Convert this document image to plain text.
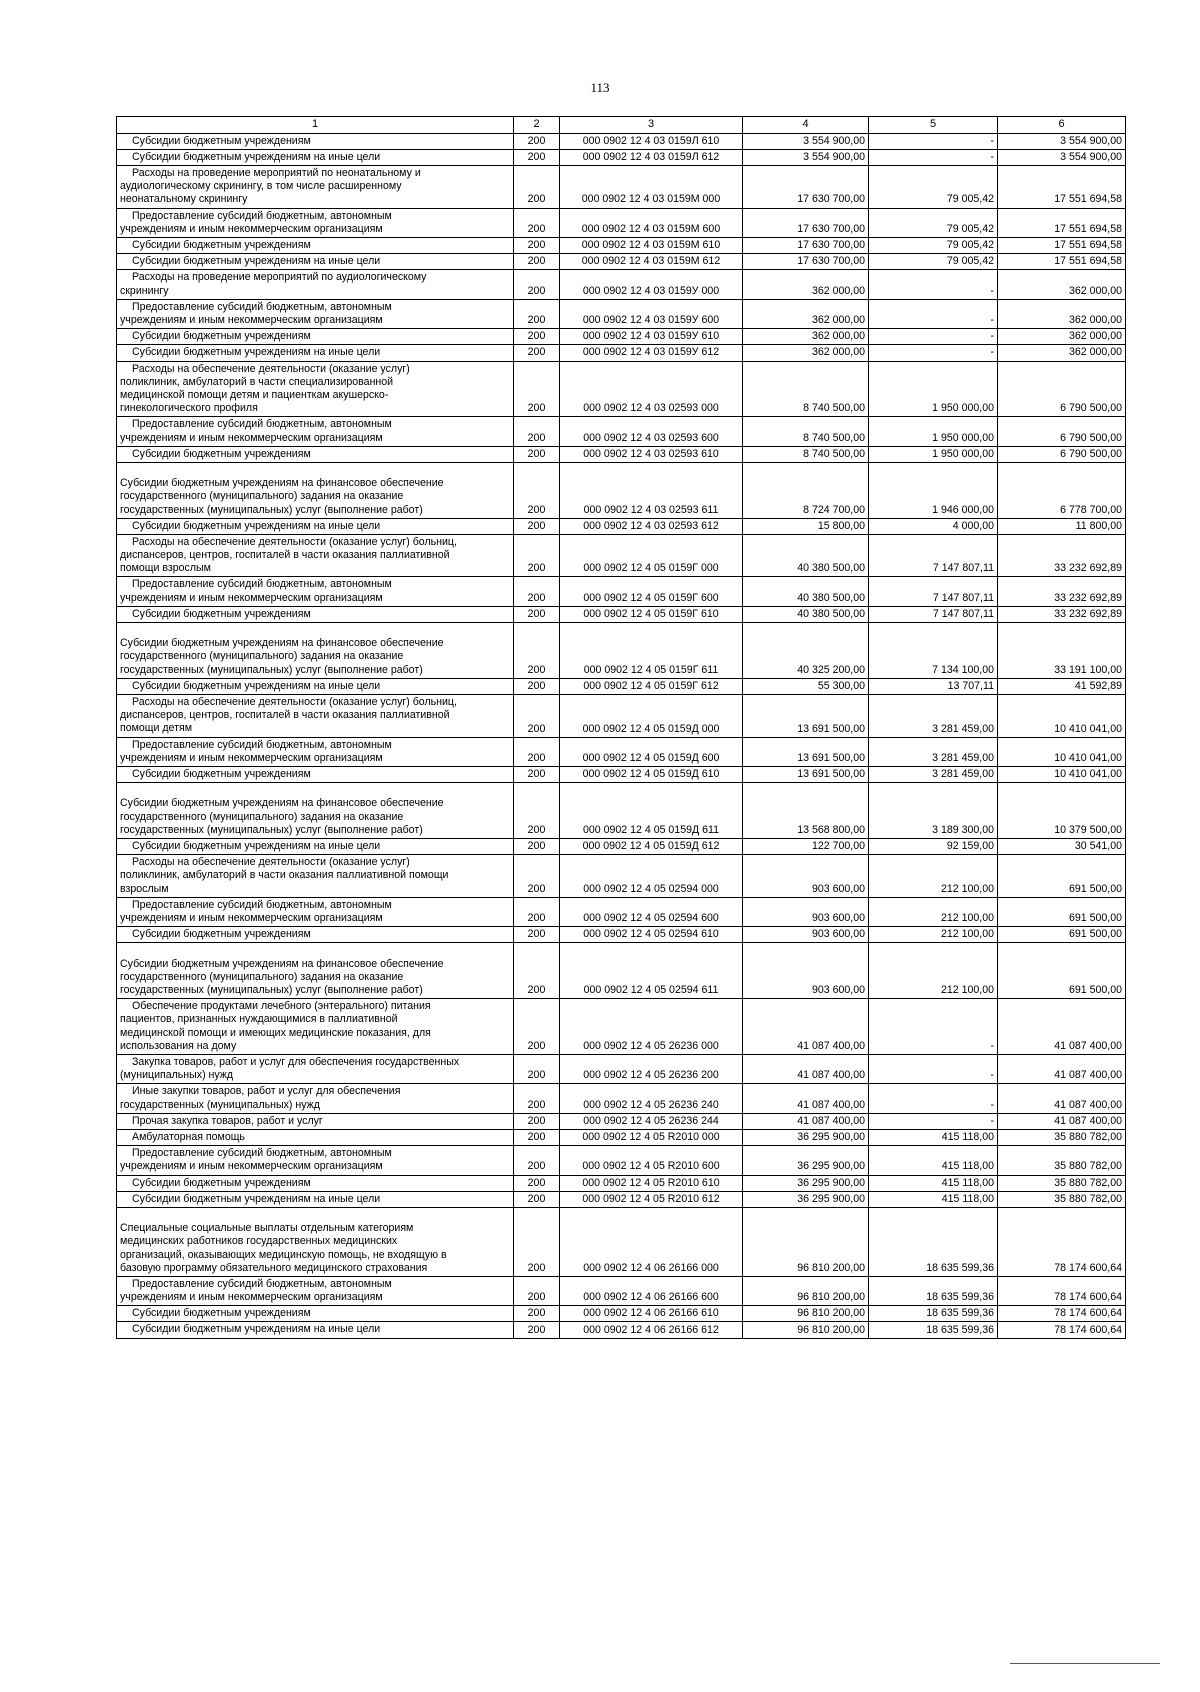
113
1	2	3	4	5	6

Субсидии бюджетным учреждениям	200	000 0902 12 4 03 0159Л 610	3 554 900,00	-	3 554 900,00

Субсидии бюджетным учреждениям на иные цели	200	000 0902 12 4 03 0159Л 612	3 554 900,00	-	3 554 900,00

Расходы на проведение мероприятий по неонатальному и
аудиологическому скринингу, в том числе расширенному
неонатальному скринингу	200	000 0902 12 4 03 0159М 000	17 630 700,00	79 005,42	17 551 694,58

Предоставление субсидий бюджетным, автономным
учреждениям и иным некоммерческим организациям	200	000 0902 12 4 03 0159М 600	17 630 700,00	79 005,42	17 551 694,58

Субсидии бюджетным учреждениям	200	000 0902 12 4 03 0159М 610	17 630 700,00	79 005,42	17 551 694,58

Субсидии бюджетным учреждениям на иные цели	200	000 0902 12 4 03 0159М 612	17 630 700,00	79 005,42	17 551 694,58

Расходы на проведение мероприятий по аудиологическому
скринингу	200	000 0902 12 4 03 0159У 000	362 000,00	-	362 000,00

Предоставление субсидий бюджетным, автономным
учреждениям и иным некоммерческим организациям	200	000 0902 12 4 03 0159У 600	362 000,00	-	362 000,00

Субсидии бюджетным учреждениям	200	000 0902 12 4 03 0159У 610	362 000,00	-	362 000,00

Субсидии бюджетным учреждениям на иные цели	200	000 0902 12 4 03 0159У 612	362 000,00	-	362 000,00

Расходы на обеспечение деятельности (оказание услуг)
поликлиник, амбулаторий в части специализированной
медицинской помощи детям и пациенткам акушерско-
гинекологического профиля	200	000 0902 12 4 03 02593 000	8 740 500,00	1 950 000,00	6 790 500,00

Предоставление субсидий бюджетным, автономным
учреждениям и иным некоммерческим организациям	200	000 0902 12 4 03 02593 600	8 740 500,00	1 950 000,00	6 790 500,00

Субсидии бюджетным учреждениям	200	000 0902 12 4 03 02593 610	8 740 500,00	1 950 000,00	6 790 500,00

Субсидии бюджетным учреждениям на финансовое обеспечение
государственного (муниципального) задания на оказание
государственных (муниципальных) услуг (выполнение работ)	200	000 0902 12 4 03 02593 611	8 724 700,00	1 946 000,00	6 778 700,00

Субсидии бюджетным учреждениям на иные цели	200	000 0902 12 4 03 02593 612	15 800,00	4 000,00	11 800,00

Расходы на обеспечение деятельности (оказание услуг) больниц,
диспансеров, центров, госпиталей в части оказания паллиативной
помощи взрослым	200	000 0902 12 4 05 0159Г 000	40 380 500,00	7 147 807,11	33 232 692,89

Предоставление субсидий бюджетным, автономным
учреждениям и иным некоммерческим организациям	200	000 0902 12 4 05 0159Г 600	40 380 500,00	7 147 807,11	33 232 692,89

Субсидии бюджетным учреждениям	200	000 0902 12 4 05 0159Г 610	40 380 500,00	7 147 807,11	33 232 692,89

Субсидии бюджетным учреждениям на финансовое обеспечение
государственного (муниципального) задания на оказание
государственных (муниципальных) услуг (выполнение работ)	200	000 0902 12 4 05 0159Г 611	40 325 200,00	7 134 100,00	33 191 100,00

Субсидии бюджетным учреждениям на иные цели	200	000 0902 12 4 05 0159Г 612	55 300,00	13 707,11	41 592,89

Расходы на обеспечение деятельности (оказание услуг) больниц,
диспансеров, центров, госпиталей в части оказания паллиативной
помощи детям	200	000 0902 12 4 05 0159Д 000	13 691 500,00	3 281 459,00	10 410 041,00

Предоставление субсидий бюджетным, автономным
учреждениям и иным некоммерческим организациям	200	000 0902 12 4 05 0159Д 600	13 691 500,00	3 281 459,00	10 410 041,00

Субсидии бюджетным учреждениям	200	000 0902 12 4 05 0159Д 610	13 691 500,00	3 281 459,00	10 410 041,00

Субсидии бюджетным учреждениям на финансовое обеспечение
государственного (муниципального) задания на оказание
государственных (муниципальных) услуг (выполнение работ)	200	000 0902 12 4 05 0159Д 611	13 568 800,00	3 189 300,00	10 379 500,00

Субсидии бюджетным учреждениям на иные цели	200	000 0902 12 4 05 0159Д 612	122 700,00	92 159,00	30 541,00

Расходы на обеспечение деятельности (оказание услуг)
поликлиник, амбулаторий в части оказания паллиативной помощи
взрослым	200	000 0902 12 4 05 02594 000	903 600,00	212 100,00	691 500,00

Предоставление субсидий бюджетным, автономным
учреждениям и иным некоммерческим организациям	200	000 0902 12 4 05 02594 600	903 600,00	212 100,00	691 500,00

Субсидии бюджетным учреждениям	200	000 0902 12 4 05 02594 610	903 600,00	212 100,00	691 500,00

Субсидии бюджетным учреждениям на финансовое обеспечение
государственного (муниципального) задания на оказание
государственных (муниципальных) услуг (выполнение работ)	200	000 0902 12 4 05 02594 611	903 600,00	212 100,00	691 500,00

Обеспечение продуктами лечебного (энтерального) питания
пациентов, признанных нуждающимися в паллиативной
медицинской помощи и имеющих медицинские показания, для
использования на дому	200	000 0902 12 4 05 26236 000	41 087 400,00	-	41 087 400,00

Закупка товаров, работ и услуг для обеспечения государственных
(муниципальных) нужд	200	000 0902 12 4 05 26236 200	41 087 400,00	-	41 087 400,00

Иные закупки товаров, работ и услуг для обеспечения
государственных (муниципальных) нужд	200	000 0902 12 4 05 26236 240	41 087 400,00	-	41 087 400,00

Прочая закупка товаров, работ и услуг	200	000 0902 12 4 05 26236 244	41 087 400,00	-	41 087 400,00

Амбулаторная помощь	200	000 0902 12 4 05 R2010 000	36 295 900,00	415 118,00	35 880 782,00

Предоставление субсидий бюджетным, автономным
учреждениям и иным некоммерческим организациям	200	000 0902 12 4 05 R2010 600	36 295 900,00	415 118,00	35 880 782,00

Субсидии бюджетным учреждениям	200	000 0902 12 4 05 R2010 610	36 295 900,00	415 118,00	35 880 782,00

Субсидии бюджетным учреждениям на иные цели	200	000 0902 12 4 05 R2010 612	36 295 900,00	415 118,00	35 880 782,00

Специальные социальные выплаты отдельным категориям
медицинских работников государственных медицинских
организаций, оказывающих медицинскую помощь, не входящую в
базовую программу обязательного медицинского страхования	200	000 0902 12 4 06 26166 000	96 810 200,00	18 635 599,36	78 174 600,64

Предоставление субсидий бюджетным, автономным
учреждениям и иным некоммерческим организациям	200	000 0902 12 4 06 26166 600	96 810 200,00	18 635 599,36	78 174 600,64

Субсидии бюджетным учреждениям	200	000 0902 12 4 06 26166 610	96 810 200,00	18 635 599,36	78 174 600,64

Субсидии бюджетным учреждениям на иные цели	200	000 0902 12 4 06 26166 612	96 810 200,00	18 635 599,36	78 174 600,64
